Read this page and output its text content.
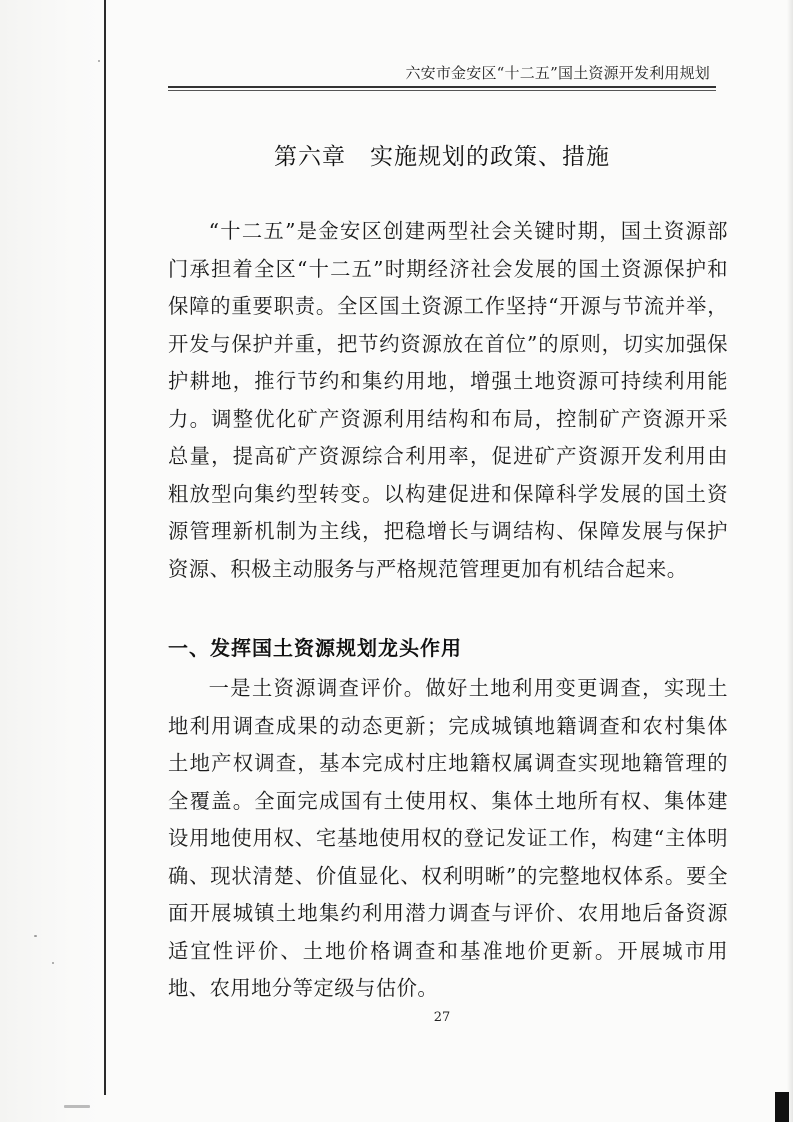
六安市金安区“十二五”国土资源开发利用规划
第六章　实施规划的政策、措施

“十二五”是金安区创建两型社会关键时期，国土资源部门承担着全区“十二五”时期经济社会发展的国土资源保护和保障的重要职责。全区国土资源工作坚持“开源与节流并举，开发与保护并重，把节约资源放在首位”的原则，切实加强保护耕地，推行节约和集约用地，增强土地资源可持续利用能力。调整优化矿产资源利用结构和布局，控制矿产资源开采总量，提高矿产资源综合利用率，促进矿产资源开发利用由粗放型向集约型转变。以构建促进和保障科学发展的国土资源管理新机制为主线，把稳增长与调结构、保障发展与保护资源、积极主动服务与严格规范管理更加有机结合起来。

一、发挥国土资源规划龙头作用

一是土资源调查评价。做好土地利用变更调查，实现土地利用调查成果的动态更新；完成城镇地籍调查和农村集体土地产权调查，基本完成村庄地籍权属调查实现地籍管理的全覆盖。全面完成国有土使用权、集体土地所有权、集体建设用地使用权、宅基地使用权的登记发证工作，构建“主体明确、现状清楚、价值显化、权利明晰”的完整地权体系。要全面开展城镇土地集约利用潜力调查与评价、农用地后备资源适宜性评价、土地价格调查和基准地价更新。开展城市用地、农用地分等定级与估价。

27
